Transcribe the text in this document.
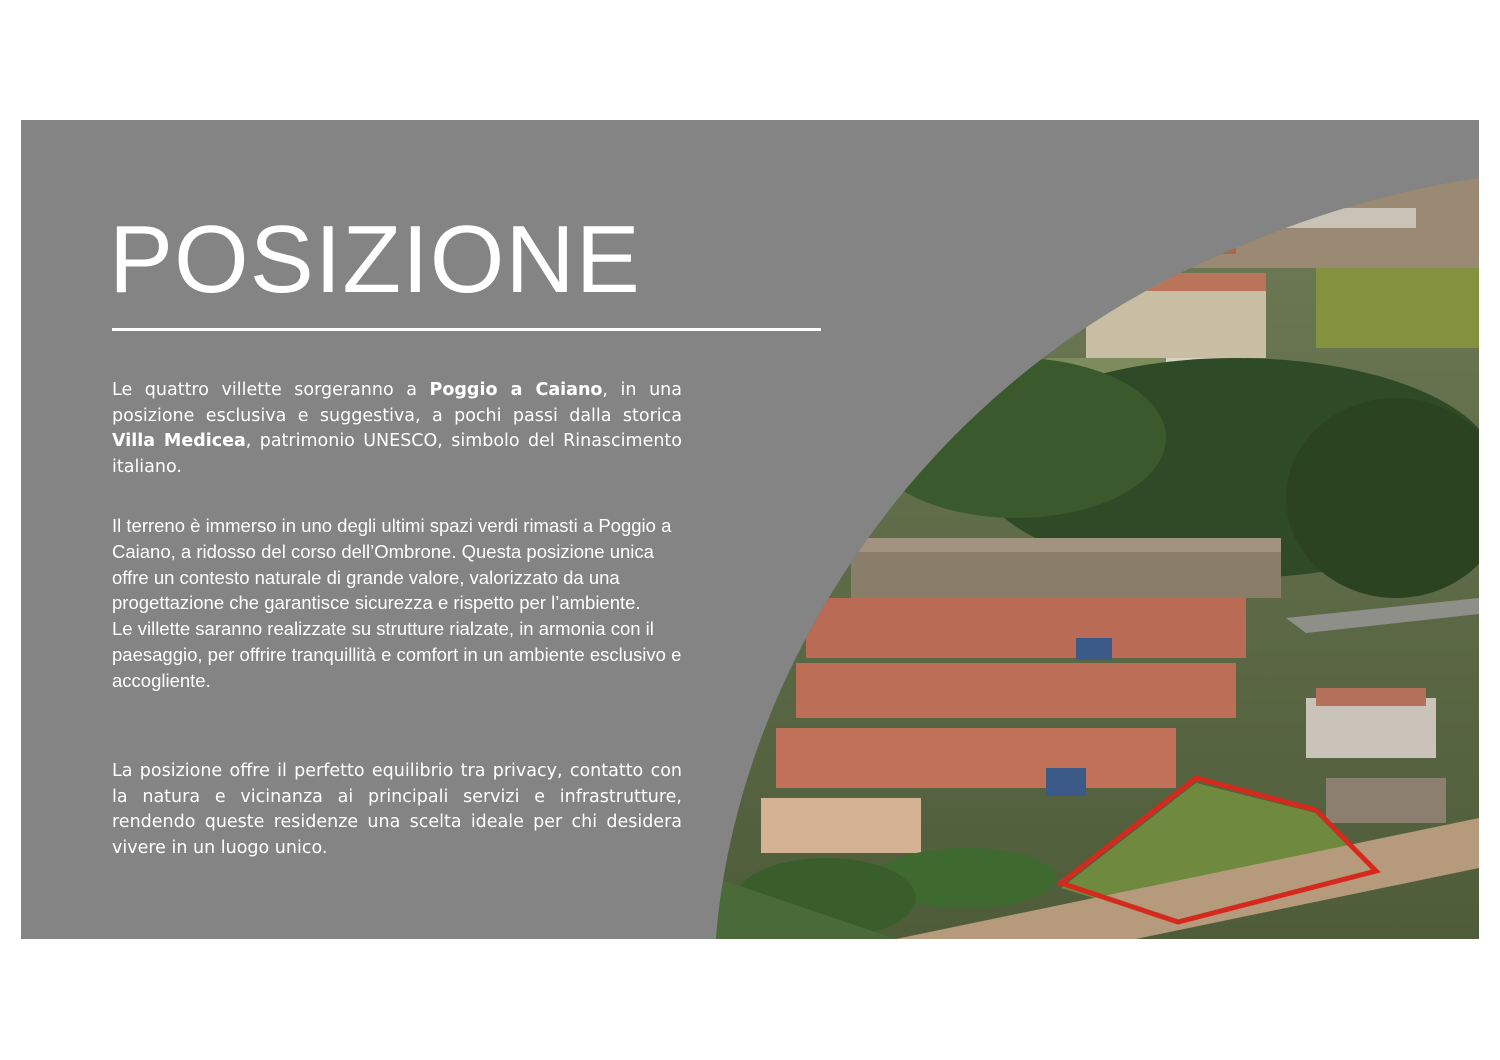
POSIZIONE

Le quattro villette sorgeranno a Poggio a Caiano, in una posizione esclusiva e suggestiva, a pochi passi dalla storica Villa Medicea, patrimonio UNESCO, simbolo del Rinascimento italiano.

Il terreno è immerso in uno degli ultimi spazi verdi rimasti a Poggio a Caiano, a ridosso del corso dell’Ombrone. Questa posizione unica offre un contesto naturale di grande valore, valorizzato da una progettazione che garantisce sicurezza e rispetto per l’ambiente.
Le villette saranno realizzate su strutture rialzate, in armonia con il paesaggio, per offrire tranquillità e comfort in un ambiente esclusivo e accogliente.

La posizione offre il perfetto equilibrio tra privacy, contatto con la natura e vicinanza ai principali servizi e infrastrutture, rendendo queste residenze una scelta ideale per chi desidera vivere in un luogo unico.
